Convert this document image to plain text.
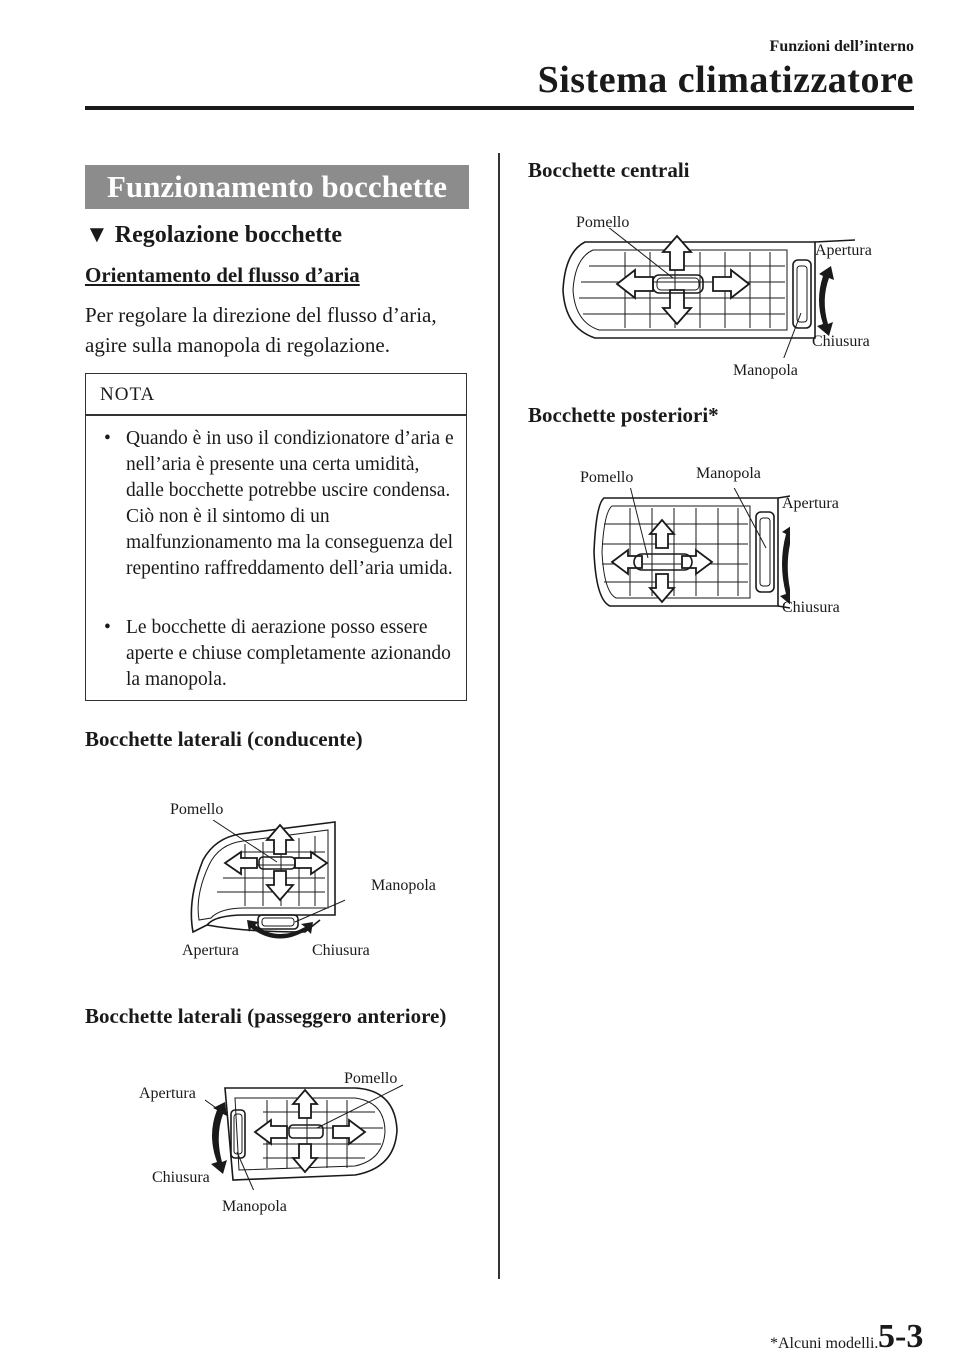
Funzioni dell’interno
Sistema climatizzatore
Funzionamento bocchette
▼ Regolazione bocchette
Orientamento del flusso d’aria
Per regolare la direzione del flusso d’aria, agire sulla manopola di regolazione.
NOTA
• Quando è in uso il condizionatore d’aria e nell’aria è presente una certa umidità, dalle bocchette potrebbe uscire condensa. Ciò non è il sintomo di un malfunzionamento ma la conseguenza del repentino raffreddamento dell’aria umida.
• Le bocchette di aerazione posso essere aperte e chiuse completamente azionando la manopola.
Bocchette laterali (conducente)
Pomello
Manopola
Apertura	Chiusura
Bocchette laterali (passeggero anteriore)
Apertura
Pomello
Chiusura
Manopola
Bocchette centrali
Pomello
Apertura
Chiusura
Manopola
Bocchette posteriori*
Pomello	Manopola
Apertura
Chiusura
*Alcuni modelli. 5-3
